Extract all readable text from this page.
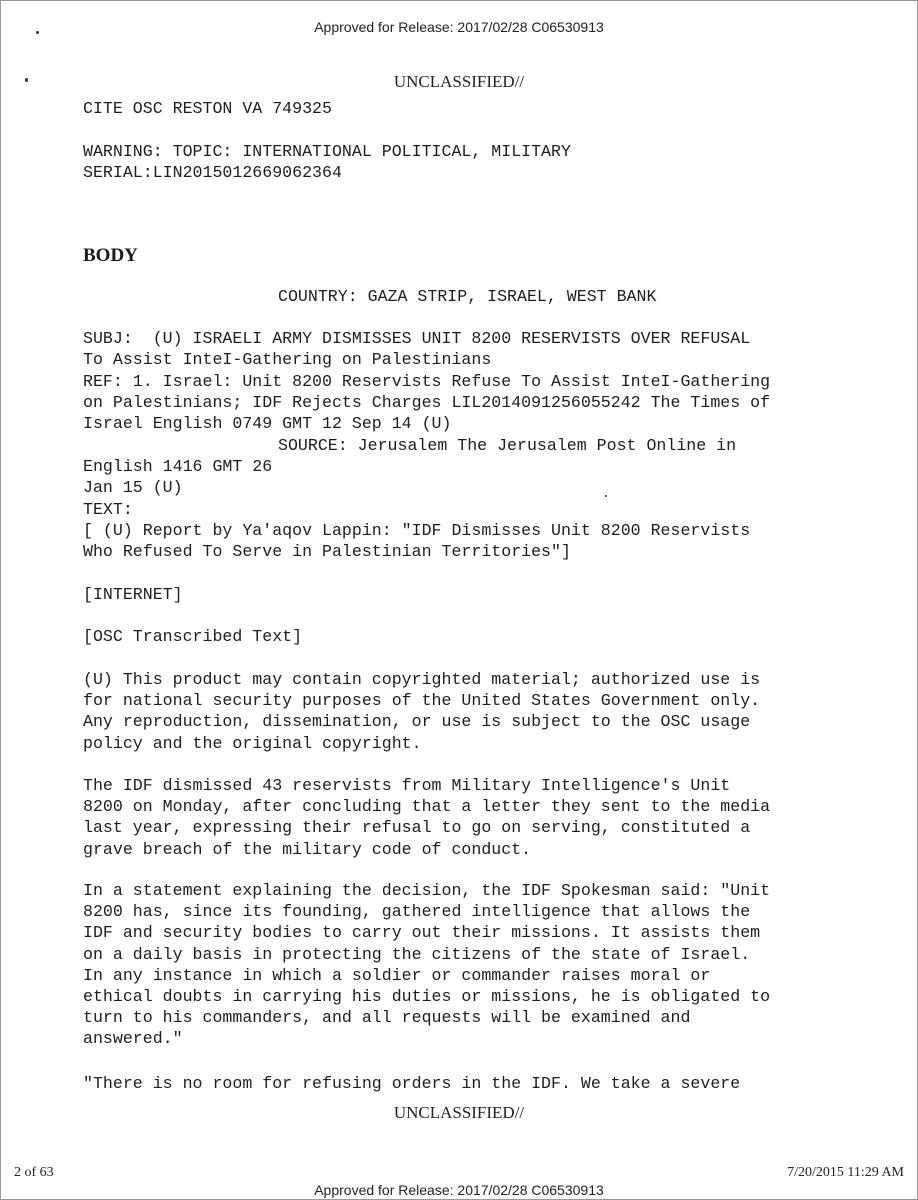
Approved for Release: 2017/02/28 C06530913
UNCLASSIFIED//
CITE OSC RESTON VA 749325
WARNING: TOPIC: INTERNATIONAL POLITICAL, MILITARY
SERIAL:LIN2015012669062364
BODY
COUNTRY: GAZA STRIP, ISRAEL, WEST BANK
SUBJ:  (U) ISRAELI ARMY DISMISSES UNIT 8200 RESERVISTS OVER REFUSAL
To Assist InteI-Gathering on Palestinians
REF: 1. Israel: Unit 8200 Reservists Refuse To Assist InteI-Gathering
on Palestinians; IDF Rejects Charges LIL2014091256055242 The Times of
Israel English 0749 GMT 12 Sep 14 (U)
SOURCE: Jerusalem The Jerusalem Post Online in
English 1416 GMT 26
Jan 15 (U)
TEXT:
[ (U) Report by Ya'aqov Lappin: "IDF Dismisses Unit 8200 Reservists
Who Refused To Serve in Palestinian Territories"]
[INTERNET]
[OSC Transcribed Text]
(U) This product may contain copyrighted material; authorized use is
for national security purposes of the United States Government only.
Any reproduction, dissemination, or use is subject to the OSC usage
policy and the original copyright.
The IDF dismissed 43 reservists from Military Intelligence's Unit
8200 on Monday, after concluding that a letter they sent to the media
last year, expressing their refusal to go on serving, constituted a
grave breach of the military code of conduct.
In a statement explaining the decision, the IDF Spokesman said: "Unit
8200 has, since its founding, gathered intelligence that allows the
IDF and security bodies to carry out their missions. It assists them
on a daily basis in protecting the citizens of the state of Israel.
In any instance in which a soldier or commander raises moral or
ethical doubts in carrying his duties or missions, he is obligated to
turn to his commanders, and all requests will be examined and
answered."
"There is no room for refusing orders in the IDF. We take a severe
UNCLASSIFIED//
2 of 63	7/20/2015 11:29 AM
Approved for Release: 2017/02/28 C06530913
